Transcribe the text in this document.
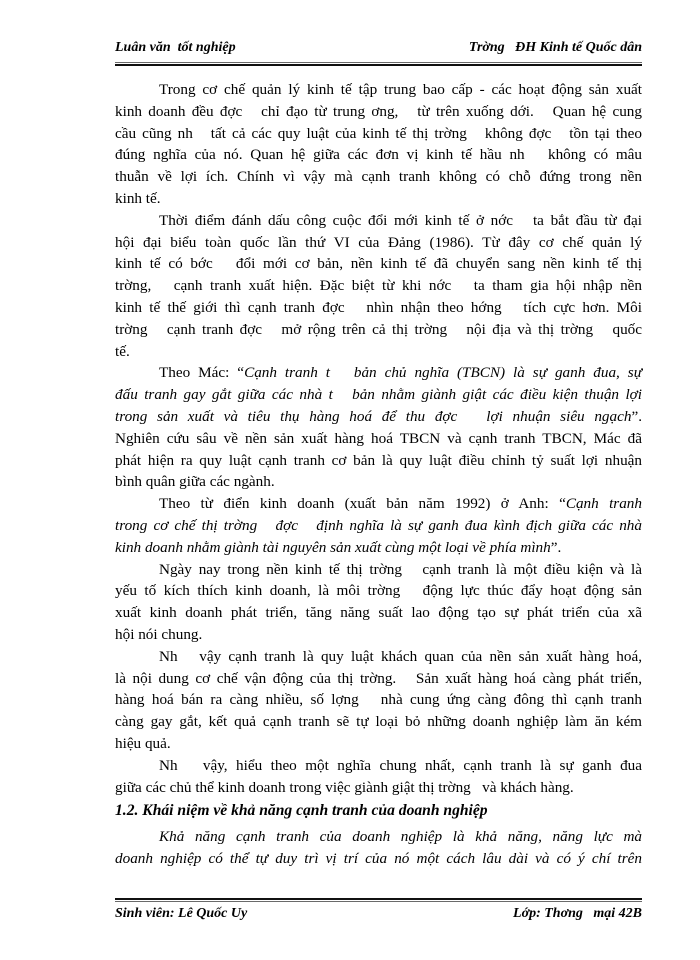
Luân văn  tốt nghiệp	Trờng   ĐH Kinh tế Quốc dân
Trong cơ chế quản lý kinh tế tập trung bao cấp - các hoạt động sản xuất
kinh doanh đều đợc   chỉ đạo từ trung ơng,   từ trên xuống dới.   Quan hệ cung
cầu cũng nh   tất cả các quy luật của kinh tế thị trờng   không đợc   tồn tại theo
đúng nghĩa của nó. Quan hệ giữa các đơn vị kinh tế hầu nh   không có mâu
thuẫn về lợi ích. Chính vì vậy mà cạnh tranh không có chỗ đứng trong nền
kinh tế.
Thời điểm đánh dấu công cuộc đổi mới kinh tế ở nớc   ta bắt đầu từ đại
hội đại biểu toàn quốc lần thứ VI của Đảng (1986). Từ đây cơ chế quản lý
kinh tế có bớc   đổi mới cơ bản, nền kinh tế đã chuyển sang nền kinh tế thị
trờng,   cạnh tranh xuất hiện. Đặc biệt từ khi nớc   ta tham gia hội nhập nền
kinh tế thế giới thì cạnh tranh đợc   nhìn nhận theo hớng   tích cực hơn. Môi
trờng   cạnh tranh đợc   mở rộng trên cả thị trờng   nội địa và thị trờng   quốc
tế.
Theo Mác: “Cạnh tranh t   bản chủ nghĩa (TBCN) là sự ganh đua, sự
đấu tranh gay gắt giữa các nhà t   bản nhằm giành giật các điều kiện thuận lợi
trong sản xuất và tiêu thụ hàng hoá để thu đợc   lợi nhuận siêu ngạch”.
Nghiên cứu sâu về nền sản xuất hàng hoá TBCN và cạnh tranh TBCN, Mác đã
phát hiện ra quy luật cạnh tranh cơ bản là quy luật điều chỉnh tỷ suất lợi nhuận
bình quân giữa các ngành.
Theo từ điển kinh doanh (xuất bản năm 1992) ở Anh: “Cạnh tranh
trong cơ chế thị trờng   đợc   định nghĩa là sự ganh đua kình địch giữa các nhà
kinh doanh nhằm giành tài nguyên sản xuất cùng một loại về phía mình”.
Ngày nay trong nền kinh tế thị trờng   cạnh tranh là một điều kiện và là
yếu tố kích thích kinh doanh, là môi trờng   động lực thúc đẩy hoạt động sản
xuất kinh doanh phát triển, tăng năng suất lao động tạo sự phát triển của xã
hội nói chung.
Nh   vậy cạnh tranh là quy luật khách quan của nền sản xuất hàng hoá,
là nội dung cơ chế vận động của thị trờng.   Sản xuất hàng hoá càng phát triển,
hàng hoá bán ra càng nhiều, số lợng   nhà cung ứng càng đông thì cạnh tranh
càng gay gắt, kết quả cạnh tranh sẽ tự loại bỏ những doanh nghiệp làm ăn kém
hiệu quả.
Nh   vậy, hiểu theo một nghĩa chung nhất, cạnh tranh là sự ganh đua
giữa các chủ thể kinh doanh trong việc giành giật thị trờng   và khách hàng.
1.2. Khái niệm về khả năng cạnh tranh của doanh nghiệp
Khả năng cạnh tranh của doanh nghiệp là khả năng, năng lực mà
doanh nghiệp có thể tự duy trì vị trí của nó một cách lâu dài và có ý chí trên
Sinh viên: Lê Quốc Uy	Lớp: Thơng   mại 42B
